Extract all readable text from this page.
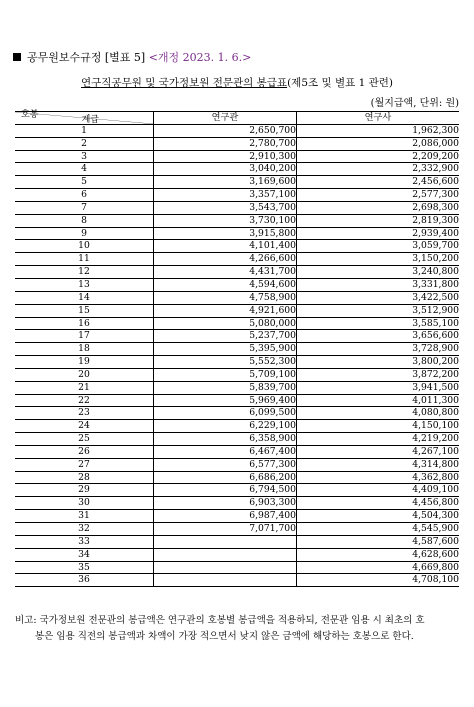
공무원보수규정 [별표 5] <개정 2023. 1. 6.>
연구직공무원 및 국가정보원 전문관의 봉급표(제5조 및 별표 1 관련)
(월지급액, 단위: 원)
계급
호봉	연구관	연구사
1	2,650,700	1,962,300
2	2,780,700	2,086,000
3	2,910,300	2,209,200
4	3,040,200	2,332,900
5	3,169,600	2,456,600
6	3,357,100	2,577,300
7	3,543,700	2,698,300
8	3,730,100	2,819,300
9	3,915,800	2,939,400
10	4,101,400	3,059,700
11	4,266,600	3,150,200
12	4,431,700	3,240,800
13	4,594,600	3,331,800
14	4,758,900	3,422,500
15	4,921,600	3,512,900
16	5,080,000	3,585,100
17	5,237,700	3,656,600
18	5,395,900	3,728,900
19	5,552,300	3,800,200
20	5,709,100	3,872,200
21	5,839,700	3,941,500
22	5,969,400	4,011,300
23	6,099,500	4,080,800
24	6,229,100	4,150,100
25	6,358,900	4,219,200
26	6,467,400	4,267,100
27	6,577,300	4,314,800
28	6,686,200	4,362,800
29	6,794,500	4,409,100
30	6,903,300	4,456,800
31	6,987,400	4,504,300
32	7,071,700	4,545,900
33		4,587,600
34		4,628,600
35		4,669,800
36		4,708,100
비고: 국가정보원 전문관의 봉급액은 연구관의 호봉별 봉급액을 적용하되, 전문관 임용 시 최초의 호
봉은 임용 직전의 봉급액과 차액이 가장 적으면서 낮지 않은 금액에 해당하는 호봉으로 한다.
